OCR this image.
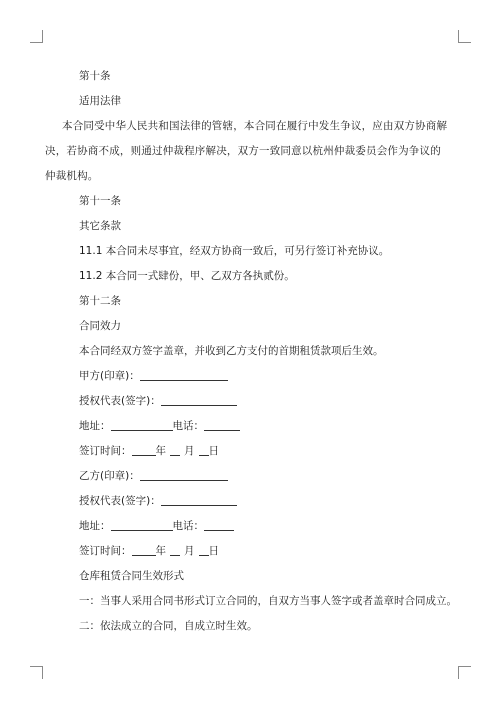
第十条
适用法律
本合同受中华人民共和国法律的管辖，本合同在履行中发生争议，应由双方协商解决，若协商不成，则通过仲裁程序解决，双方一致同意以杭州仲裁委员会作为争议的仲裁机构。
第十一条
其它条款
11.1 本合同未尽事宜，经双方协商一致后，可另行签订补充协议。
11.2 本合同一式肆份，甲、乙双方各执贰份。
第十二条
合同效力
本合同经双方签字盖章，并收到乙方支付的首期租赁款项后生效。
甲方(印章)：
授权代表(签字)：
地址：	电话：
签订时间： 年 月 日
乙方(印章)：
授权代表(签字)：
地址：	电话：
签订时间： 年 月 日
仓库租赁合同生效形式
一：当事人采用合同书形式订立合同的，自双方当事人签字或者盖章时合同成立。
二：依法成立的合同，自成立时生效。
